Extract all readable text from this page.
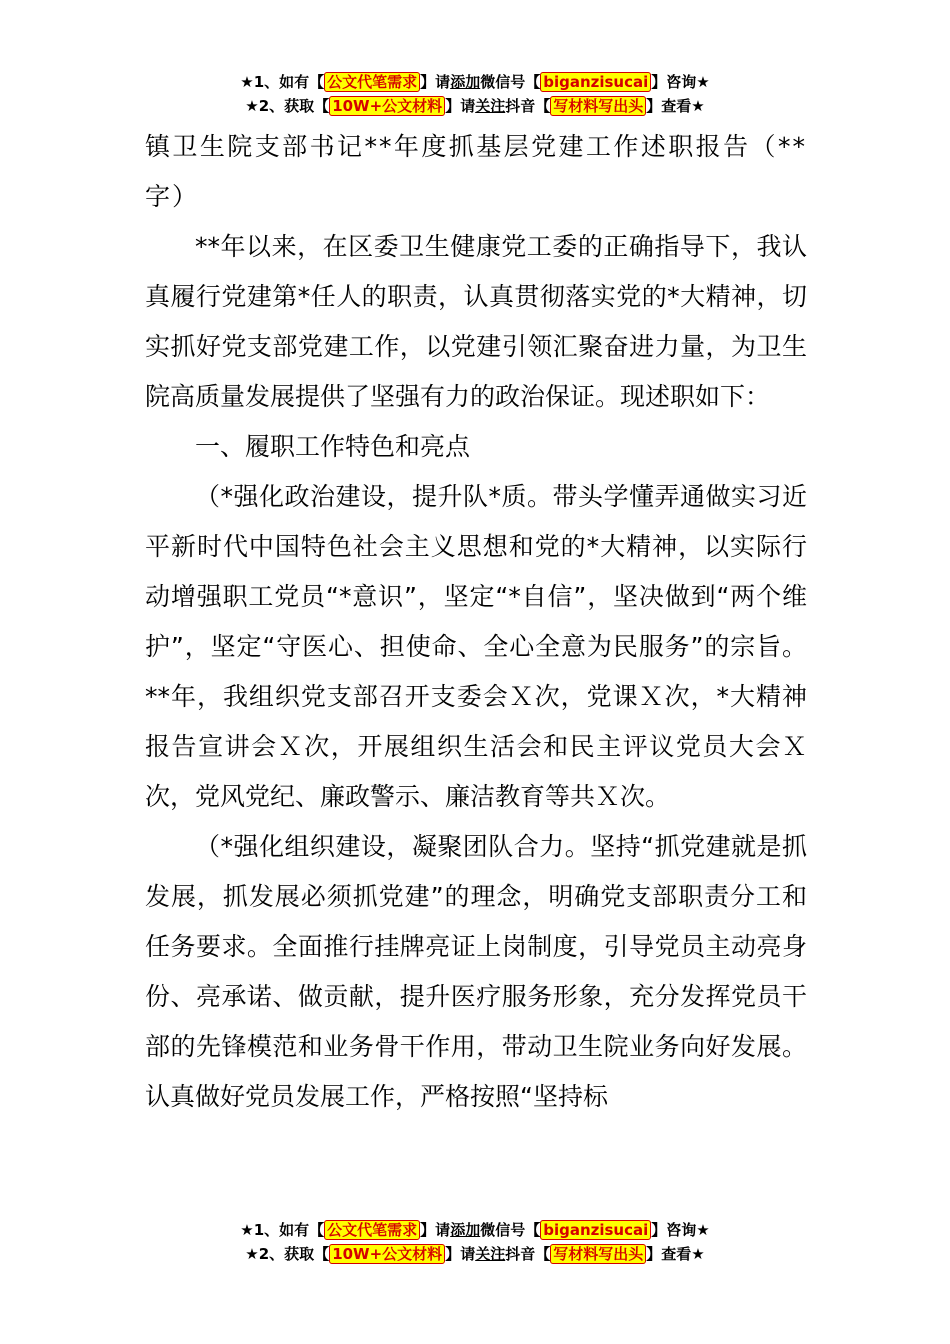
★1、如有【 公文代笔需求 】请添加微信号【 biganzisucai 】咨询★
★2、获取【 10W+公文材料 】请关注抖音【 写材料写出头 】查看★

镇卫生院支部书记**年度抓基层党建工作述职报告（**字）

**年以来，在区委卫生健康党工委的正确指导下，我认真履行党建第*任人的职责，认真贯彻落实党的*大精神，切实抓好党支部党建工作，以党建引领汇聚奋进力量，为卫生院高质量发展提供了坚强有力的政治保证。现述职如下：

一、履职工作特色和亮点

（*强化政治建设，提升队*质。带头学懂弄通做实习近平新时代中国特色社会主义思想和党的*大精神，以实际行动增强职工党员“*意识”，坚定“*自信”，坚决做到“两个维护”，坚定“守医心、担使命、全心全意为民服务”的宗旨。**年，我组织党支部召开支委会Ｘ次，党课Ｘ次，*大精神报告宣讲会Ｘ次，开展组织生活会和民主评议党员大会Ｘ次，党风党纪、廉政警示、廉洁教育等共Ｘ次。

（*强化组织建设，凝聚团队合力。坚持“抓党建就是抓发展，抓发展必须抓党建”的理念，明确党支部职责分工和任务要求。全面推行挂牌亮证上岗制度，引导党员主动亮身份、亮承诺、做贡献，提升医疗服务形象，充分发挥党员干部的先锋模范和业务骨干作用，带动卫生院业务向好发展。认真做好党员发展工作，严格按照“坚持标

★1、如有【 公文代笔需求 】请添加微信号【 biganzisucai 】咨询★
★2、获取【 10W+公文材料 】请关注抖音【 写材料写出头 】查看★
